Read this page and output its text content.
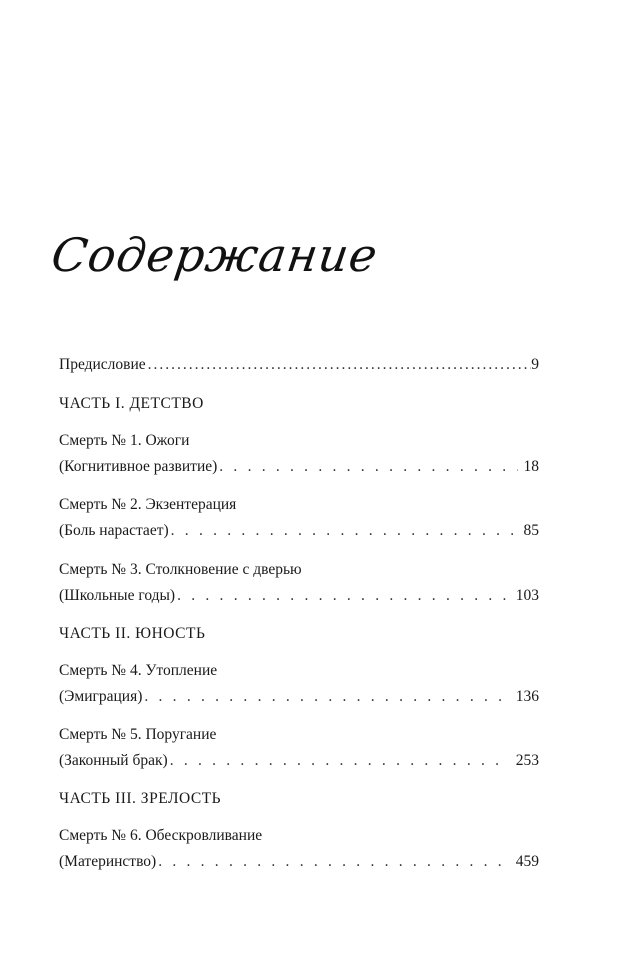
Содержание
Предисловие .....	9
ЧАСТЬ I. ДЕТСТВО
Смерть № 1. Ожоги
(Когнитивное развитие) . . .	18
Смерть № 2. Экзентерация
(Боль нарастает) . . .	85
Смерть № 3. Столкновение с дверью
(Школьные годы) . . .	103
ЧАСТЬ II. ЮНОСТЬ
Смерть № 4. Утопление
(Эмиграция) . . .	136
Смерть № 5. Поругание
(Законный брак) . . .	253
ЧАСТЬ III. ЗРЕЛОСТЬ
Смерть № 6. Обескровливание
(Материнство) . . .	459
